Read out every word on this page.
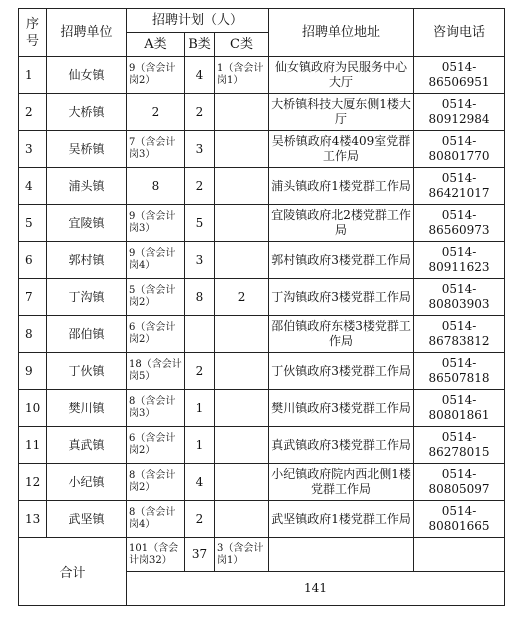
序号	招聘单位	招聘计划（人）			招聘单位地址	咨询电话
		A类	B类	C类		
1	仙女镇	9（含会计岗2）	4	1（含会计岗1）	仙女镇政府为民服务中心大厅	0514-86506951
2	大桥镇	2	2		大桥镇科技大厦东侧1楼大厅	0514-80912984
3	吴桥镇	7（含会计岗3）	3		吴桥镇政府4楼409室党群工作局	0514-80801770
4	浦头镇	8	2		浦头镇政府1楼党群工作局	0514-86421017
5	宜陵镇	9（含会计岗3）	5		宜陵镇政府北2楼党群工作局	0514-86560973
6	郭村镇	9（含会计岗4）	3		郭村镇政府3楼党群工作局	0514-80911623
7	丁沟镇	5（含会计岗2）	8	2	丁沟镇政府3楼党群工作局	0514-80803903
8	邵伯镇	6（含会计岗2）			邵伯镇政府东楼3楼党群工作局	0514-86783812
9	丁伙镇	18（含会计岗5）	2		丁伙镇政府3楼党群工作局	0514-86507818
10	樊川镇	8（含会计岗3）	1		樊川镇政府3楼党群工作局	0514-80801861
11	真武镇	6（含会计岗2）	1		真武镇政府3楼党群工作局	0514-86278015
12	小纪镇	8（含会计岗2）	4		小纪镇政府院内西北侧1楼党群工作局	0514-80805097
13	武坚镇	8（含会计岗4）	2		武坚镇政府1楼党群工作局	0514-80801665
合计		101（含会计岗32）	37	3（含会计岗1）		
		141				
